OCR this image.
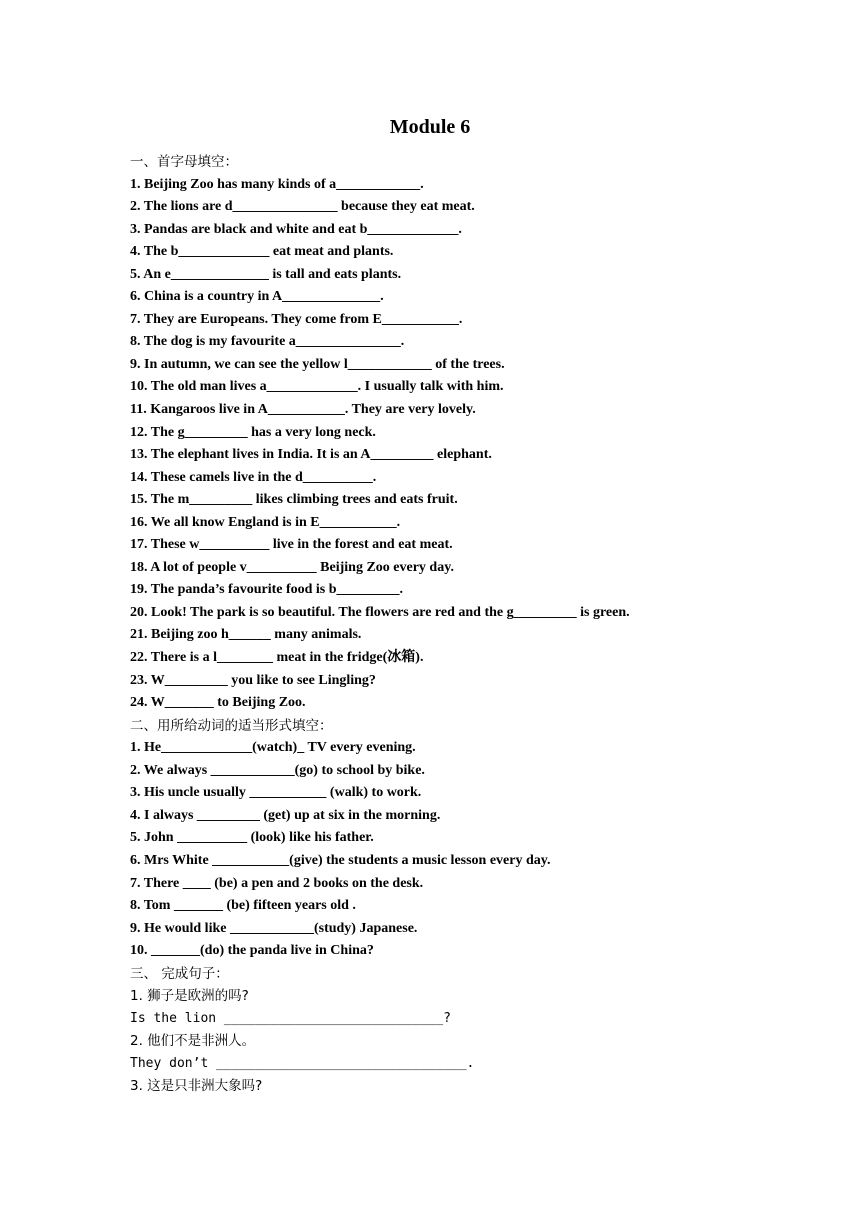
Module 6
一、首字母填空：
1. Beijing Zoo has many kinds of a____________.
2. The lions are d_______________ because they eat meat.
3. Pandas are black and white and eat b_____________.
4. The b_____________ eat meat and plants.
5. An e______________ is tall and eats plants.
6. China is a country in A______________.
7. They are Europeans. They come from E___________.
8. The dog is my favourite a_______________.
9. In autumn, we can see the yellow l____________ of the trees.
10. The old man lives a_____________. I usually talk with him.
11. Kangaroos live in A___________. They are very lovely.
12. The g_________ has a very long neck.
13. The elephant lives in India. It is an A_________ elephant.
14. These camels live in the d__________.
15. The m_________ likes climbing trees and eats fruit.
16. We all know England is in E___________.
17. These w__________ live in the forest and eat meat.
18. A lot of people v__________ Beijing Zoo every day.
19. The panda’s favourite food is b_________.
20. Look! The park is so beautiful. The flowers are red and the g_________ is green.
21. Beijing zoo h______ many animals.
22. There is a l________ meat in the fridge(冰箱).
23. W_________ you like to see Lingling?
24. W_______ to Beijing Zoo.
二、用所给动词的适当形式填空：
1. He_____________(watch)_ TV every evening.
2. We always ____________(go) to school by bike.
3. His uncle usually ___________ (walk) to work.
4. I always _________ (get) up at six in the morning.
5. John __________ (look) like his father.
6. Mrs White ___________(give) the students a music lesson every day.
7. There ____ (be) a pen and 2 books on the desk.
8. Tom _______ (be) fifteen years old .
9. He would like ____________(study) Japanese.
10. _______(do) the panda live in China?
三、 完成句子：
1. 狮子是欧洲的吗?
Is the lion ____________________________?
2. 他们不是非洲人。
They don’t ________________________________.
3. 这是只非洲大象吗?
